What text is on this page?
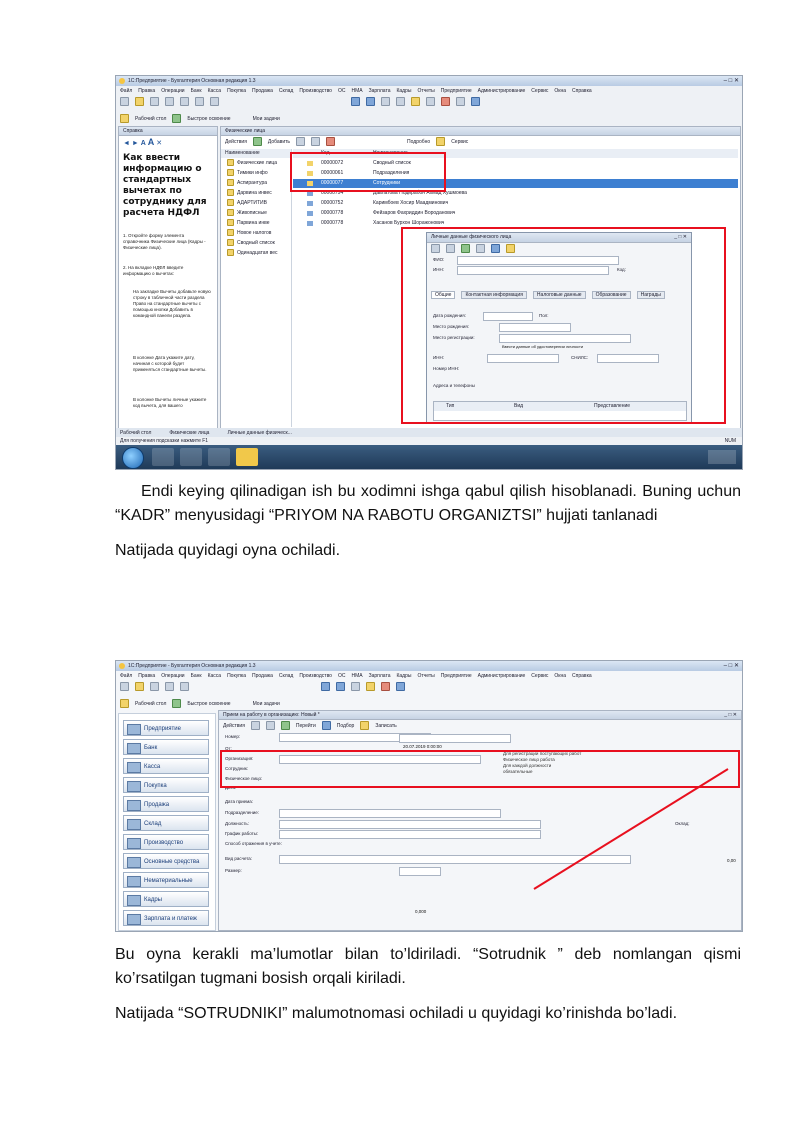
1С:Предприятие - Бухгалтерия Основная редакция 1.3	– □ ✕
Файл Правка Операции Банк Касса Покупка Продажа Склад Производство ОС НМА Зарплата Кадры Отчеты Предприятие Администрирование Сервис Окна Справка
Рабочий стол	Быстрое освоение	Мои задачи
Справка
◄ ► A A ✕
Как ввести информацию о стандартных вычетах по сотруднику для расчета НДФЛ
1. Откройте форму элемента справочника Физические лица (Кадры - Физические лица).
2. На вкладке НДФЛ введите информацию о вычетах:
На закладке Вычеты добавьте новую строку в табличной части раздела Право на стандартные вычеты с помощью кнопки Добавить в командной панели раздела.
В колонке Дата укажите дату, начиная с которой будет применяться стандартные вычеты.
В колонке Вычеты личные укажите код вычета, для вашего
Физические лица
Действия	Добавить	Подробно	Сервис
Наименование
Физические лица
Тимики инфо
Аспирантура
Дарвина инвес
АДАРТИТИВ
Живописные
Парвина инве
Новое налогов
Сводный список
Одинадцатая вес
Код	Наименование
00000072	Сводный список
00000061	Подразделения
00000077	Сотрудники
00000754	Давлатова Нодирабон Ахмад Хушмоева
00000752	Каримбоев Хосир Маадминович
00000778	Фейзаров Фахриддин Вороданович
00000778	Хасанов Бурхон Шоражонович
Личные данные физического лица	_ □ ✕
ФИО:
ИНН:	Код:
Дата рождения:	Пол:
Место рождения:
Место регистрации:
ИНН:	СНИЛС:
Номер ИНН:
Общие	Контактная информация	Налоговые данные	Образование	Награды
Ввести данные об удостоверении личности
Адреса и телефоны
Тип	Вид	Представление
Рабочий стол	Физические лица	Личные данные физическ...
Для получения подсказки нажмите F1	NUM
Endi keying qilinadigan ish bu xodimni ishga qabul qilish hisoblanadi. Buning uchun “KADR” menyusidagi “PRIYOM NA RABOTU ORGANIZTSI” hujjati tanlanadi
Natijada quyidagi oyna ochiladi.
1С:Предприятие - Бухгалтерия Основная редакция 1.3	– □ ✕
Файл Правка Операции Банк Касса Покупка Продажа Склад Производство ОС НМА Зарплата Кадры Отчеты Предприятие Администрирование Сервис Окна Справка
Рабочий стол	Быстрое освоение	Мои задачи
Предприятие
Банк
Касса
Покупка
Продажа
Склад
Производство
Основные средства
Нематериальные
Кадры
Зарплата и платеж
Прием на работу в организацию: Новый *	_ □ ✕
Действия	Перейти	Подбор	Записать
Номер:
От:
Организация:
Сотрудник:
Физическое лицо:
Дата:
Дата приема:
Подразделение:
Должность:	Оклад:
График работы:
Способ отражения в учете:
Вид расчета:
Размер:
20.07.2019 0:00:00
Для регистрации поступающих работ
Физическое лицо работа
Для каждой должности
обязательные
0,00
0,000
Bu oyna kerakli ma’lumotlar bilan to’ldiriladi. “Sotrudnik ” deb nomlangan qismi ko’rsatilgan tugmani bosish orqali kiriladi.
Natijada “SOTRUDNIKI” malumotnomasi ochiladi u quyidagi ko’rinishda bo’ladi.
